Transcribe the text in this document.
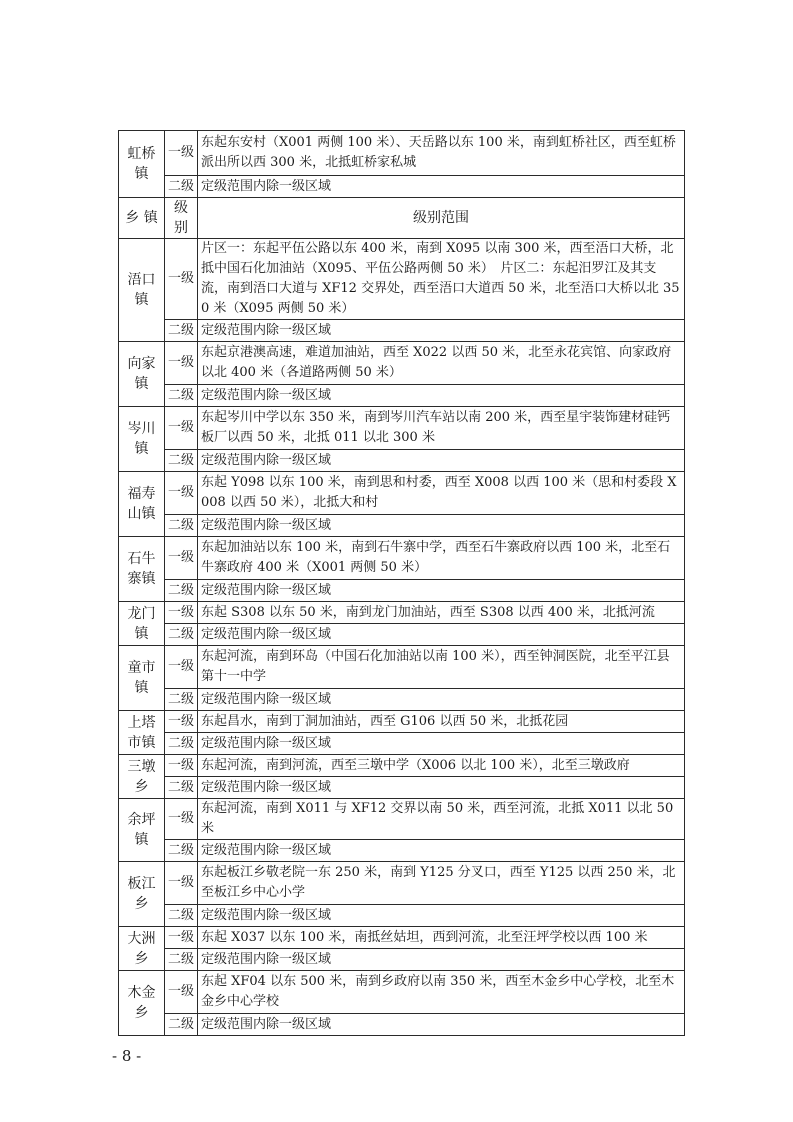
虹桥镇	一级	东起东安村（X001 两侧 100 米）、天岳路以东 100 米，南到虹桥社区，西至虹桥派出所以西 300 米，北抵虹桥家私城
	二级	定级范围内除一级区域
乡 镇	级别	级别范围
浯口镇	一级	片区一：东起平伍公路以东 400 米，南到 X095 以南 300 米，西至浯口大桥，北抵中国石化加油站（X095、平伍公路两侧 50 米）　片区二：东起汨罗江及其支流，南到浯口大道与 XF12 交界处，西至浯口大道西 50 米，北至浯口大桥以北 350 米（X095 两侧 50 米）
	二级	定级范围内除一级区域
向家镇	一级	东起京港澳高速，难道加油站，西至 X022 以西 50 米，北至永花宾馆、向家政府以北 400 米（各道路两侧 50 米）
	二级	定级范围内除一级区域
岑川镇	一级	东起岑川中学以东 350 米，南到岑川汽车站以南 200 米，西至星宇装饰建材硅钙板厂以西 50 米，北抵 011 以北 300 米
	二级	定级范围内除一级区域
福寿山镇	一级	东起 Y098 以东 100 米，南到思和村委，西至 X008 以西 100 米（思和村委段 X008 以西 50 米），北抵大和村
	二级	定级范围内除一级区域
石牛寨镇	一级	东起加油站以东 100 米，南到石牛寨中学，西至石牛寨政府以西 100 米，北至石牛寨政府 400 米（X001 两侧 50 米）
	二级	定级范围内除一级区域
龙门镇	一级	东起 S308 以东 50 米，南到龙门加油站，西至 S308 以西 400 米，北抵河流
	二级	定级范围内除一级区域
童市镇	一级	东起河流，南到环岛（中国石化加油站以南 100 米），西至钟洞医院，北至平江县第十一中学
	二级	定级范围内除一级区域
上塔市镇	一级	东起昌水，南到丁洞加油站，西至 G106 以西 50 米，北抵花园
	二级	定级范围内除一级区域
三墩乡	一级	东起河流，南到河流，西至三墩中学（X006 以北 100 米），北至三墩政府
	二级	定级范围内除一级区域
余坪镇	一级	东起河流，南到 X011 与 XF12 交界以南 50 米，西至河流，北抵 X011 以北 50 米
	二级	定级范围内除一级区域
板江乡	一级	东起板江乡敬老院一东 250 米，南到 Y125 分叉口，西至 Y125 以西 250 米，北至板江乡中心小学
	二级	定级范围内除一级区域
大洲乡	一级	东起 X037 以东 100 米，南抵丝姑坦，西到河流，北至汪坪学校以西 100 米
	二级	定级范围内除一级区域
木金乡	一级	东起 XF04 以东 500 米，南到乡政府以南 350 米，西至木金乡中心学校，北至木金乡中心学校
	二级	定级范围内除一级区域
- 8 -
